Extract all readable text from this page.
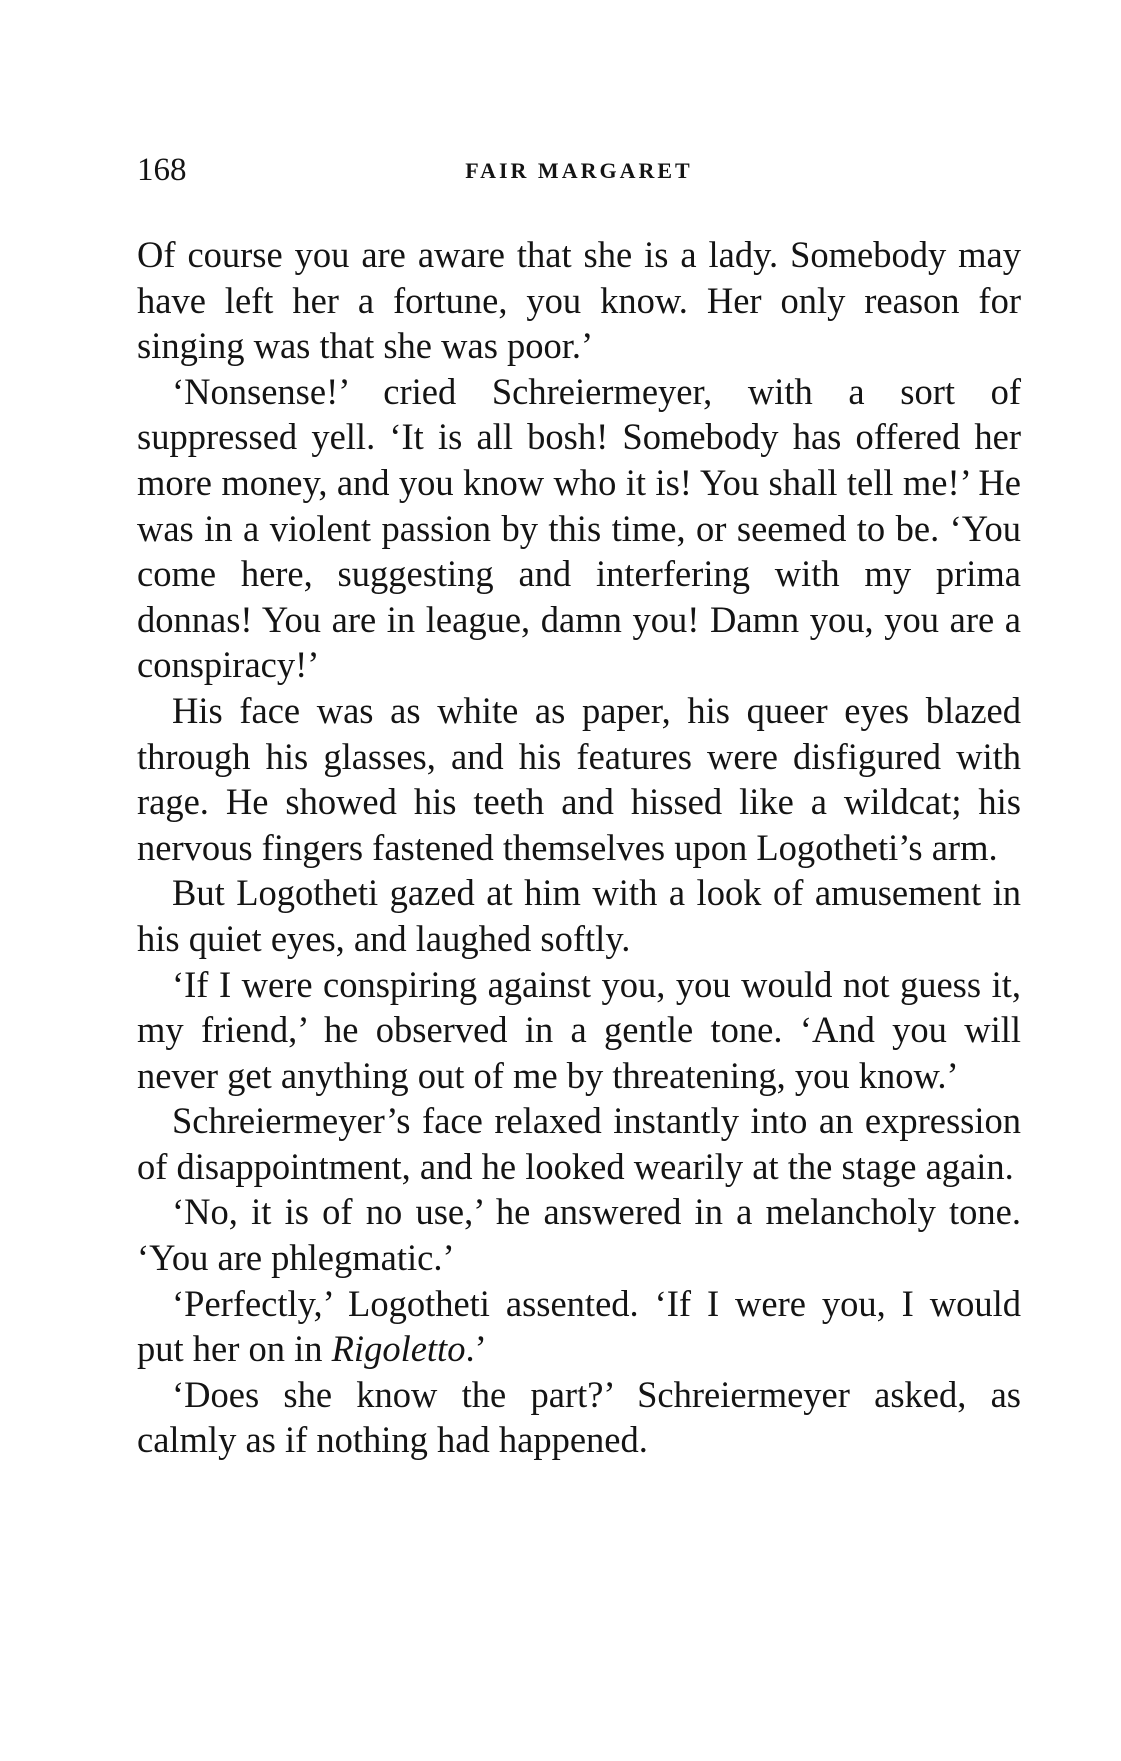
168	FAIR MARGARET

Of course you are aware that she is a lady. Somebody may have left her a fortune, you know. Her only reason for singing was that she was poor.’

‘Nonsense!’ cried Schreiermeyer, with a sort of suppressed yell. ‘It is all bosh! Somebody has offered her more money, and you know who it is! You shall tell me!’ He was in a violent passion by this time, or seemed to be. ‘You come here, suggesting and interfering with my prima donnas! You are in league, damn you! Damn you, you are a conspiracy!’

His face was as white as paper, his queer eyes blazed through his glasses, and his features were disfigured with rage. He showed his teeth and hissed like a wildcat; his nervous fingers fastened themselves upon Logotheti’s arm.

But Logotheti gazed at him with a look of amusement in his quiet eyes, and laughed softly.

‘If I were conspiring against you, you would not guess it, my friend,’ he observed in a gentle tone. ‘And you will never get anything out of me by threatening, you know.’

Schreiermeyer’s face relaxed instantly into an expression of disappointment, and he looked wearily at the stage again.

‘No, it is of no use,’ he answered in a melancholy tone. ‘You are phlegmatic.’

‘Perfectly,’ Logotheti assented. ‘If I were you, I would put her on in Rigoletto.’

‘Does she know the part?’ Schreiermeyer asked, as calmly as if nothing had happened.
